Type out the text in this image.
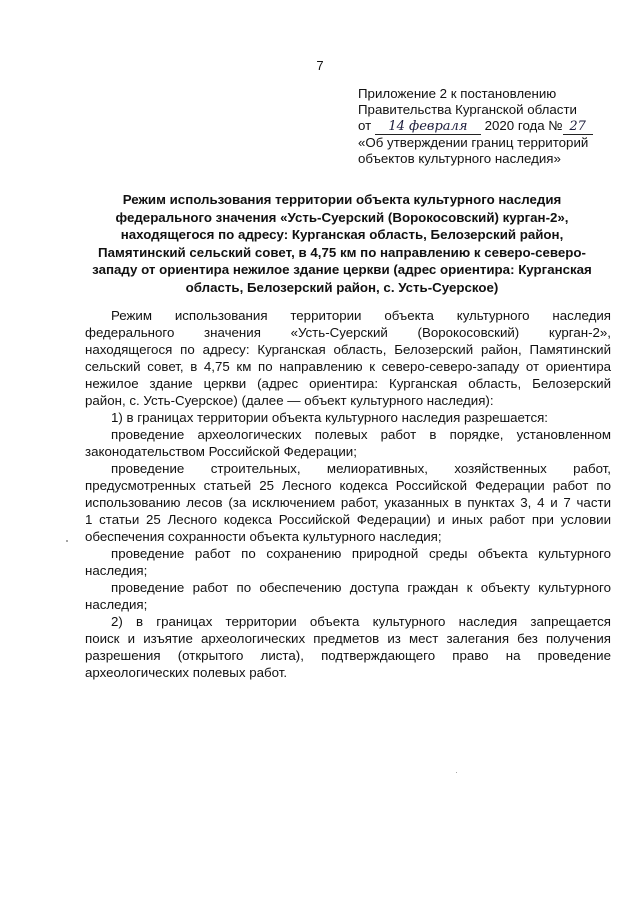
7
Приложение 2 к постановлению
Правительства Курганской области
от 14 февраля 2020 года № 27
«Об утверждении границ территорий
объектов культурного наследия»
Режим использования территории объекта культурного наследия
федерального значения «Усть-Суерский (Ворокосовский) курган-2»,
находящегося по адресу: Курганская область, Белозерский район,
Памятинский сельский совет, в 4,75 км по направлению к северо-северо-
западу от ориентира нежилое здание церкви (адрес ориентира: Курганская
область, Белозерский район, с. Усть-Суерское)

Режим использования территории объекта культурного наследия
федерального значения «Усть-Суерский (Ворокосовский) курган-2»,
находящегося по адресу: Курганская область, Белозерский район, Памятинский
сельский совет, в 4,75 км по направлению к северо-северо-западу от ориентира
нежилое здание церкви (адрес ориентира: Курганская область, Белозерский
район, с. Усть-Суерское) (далее — объект культурного наследия):

1) в границах территории объекта культурного наследия разрешается:

проведение археологических полевых работ в порядке, установленном
законодательством Российской Федерации;

проведение строительных, мелиоративных, хозяйственных работ,
предусмотренных статьей 25 Лесного кодекса Российской Федерации работ по
использованию лесов (за исключением работ, указанных в пунктах 3, 4 и 7 части
1 статьи 25 Лесного кодекса Российской Федерации) и иных работ при условии
обеспечения сохранности объекта культурного наследия;

проведение работ по сохранению природной среды объекта культурного
наследия;

проведение работ по обеспечению доступа граждан к объекту культурного
наследия;

2) в границах территории объекта культурного наследия запрещается
поиск и изъятие археологических предметов из мест залегания без получения
разрешения (открытого листа), подтверждающего право на проведение
археологических полевых работ.
